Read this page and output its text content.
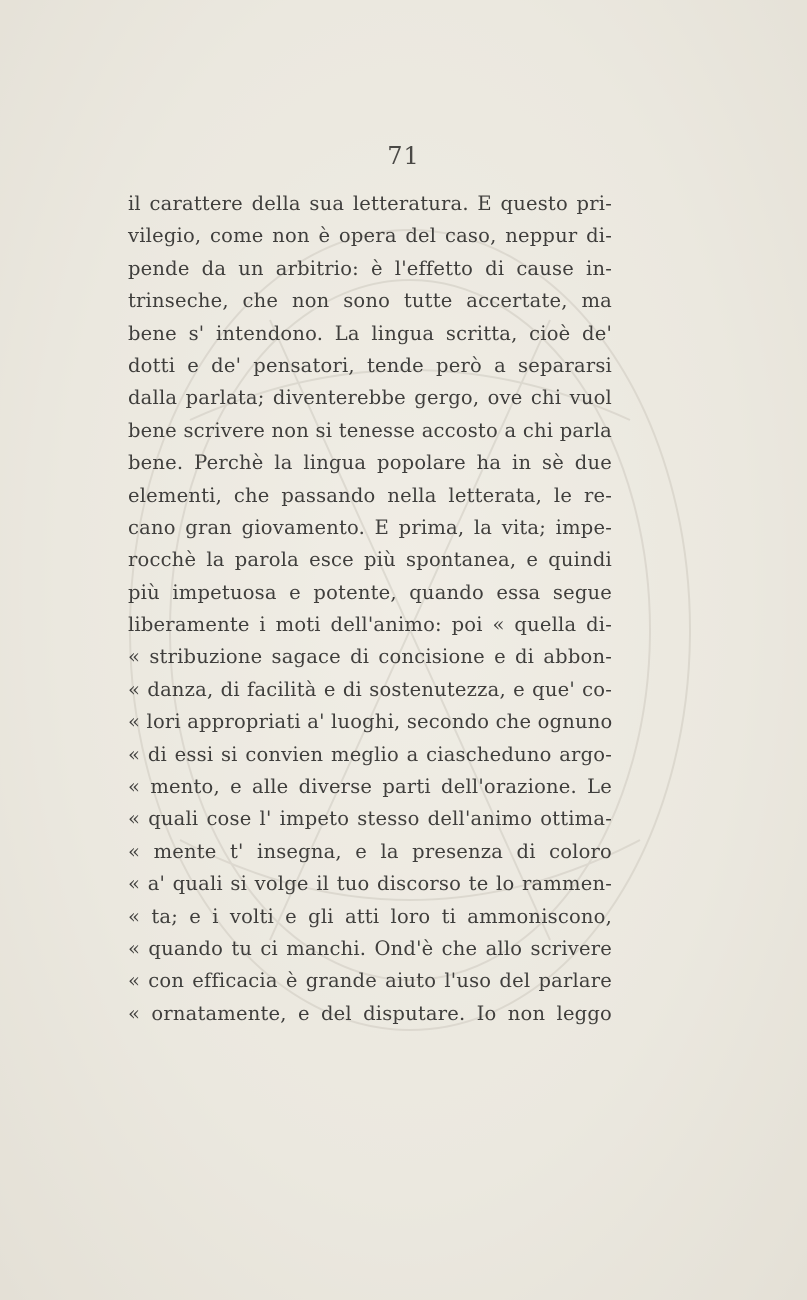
71
il carattere della sua letteratura. E questo pri-
vilegio, come non è opera del caso, neppur di-
pende da un arbitrio: è l'effetto di cause in-
trinseche, che non sono tutte accertate, ma
bene s' intendono. La lingua scritta, cioè de'
dotti e de' pensatori, tende però a separarsi
dalla parlata; diventerebbe gergo, ove chi vuol
bene scrivere non si tenesse accosto a chi parla
bene. Perchè la lingua popolare ha in sè due
elementi, che passando nella letterata, le re-
cano gran giovamento. E prima, la vita; impe-
rocchè la parola esce più spontanea, e quindi
più impetuosa e potente, quando essa segue
liberamente i moti dell'animo: poi « quella di-
« stribuzione sagace di concisione e di abbon-
« danza, di facilità e di sostenutezza, e que' co-
« lori appropriati a' luoghi, secondo che ognuno
« di essi si convien meglio a ciascheduno argo-
« mento, e alle diverse parti dell'orazione. Le
« quali cose l' impeto stesso dell'animo ottima-
« mente t' insegna, e la presenza di coloro
« a' quali si volge il tuo discorso te lo rammen-
« ta; e i volti e gli atti loro ti ammoniscono,
« quando tu ci manchi. Ond'è che allo scrivere
« con efficacia è grande aiuto l'uso del parlare
« ornatamente, e del disputare. Io non leggo
